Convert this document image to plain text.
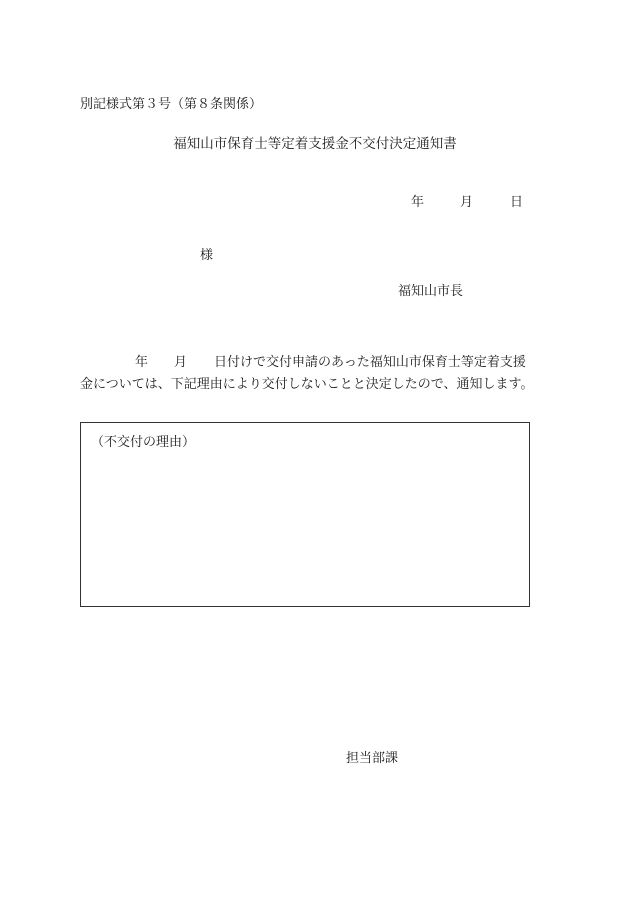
別記様式第３号（第８条関係）
福知山市保育士等定着支援金不交付決定通知書
年	月	日
様
福知山市長
年 月 日付けで交付申請のあった福知山市保育士等定着支援
金については、下記理由により交付しないことと決定したので、通知します。
（不交付の理由）
担当部課
